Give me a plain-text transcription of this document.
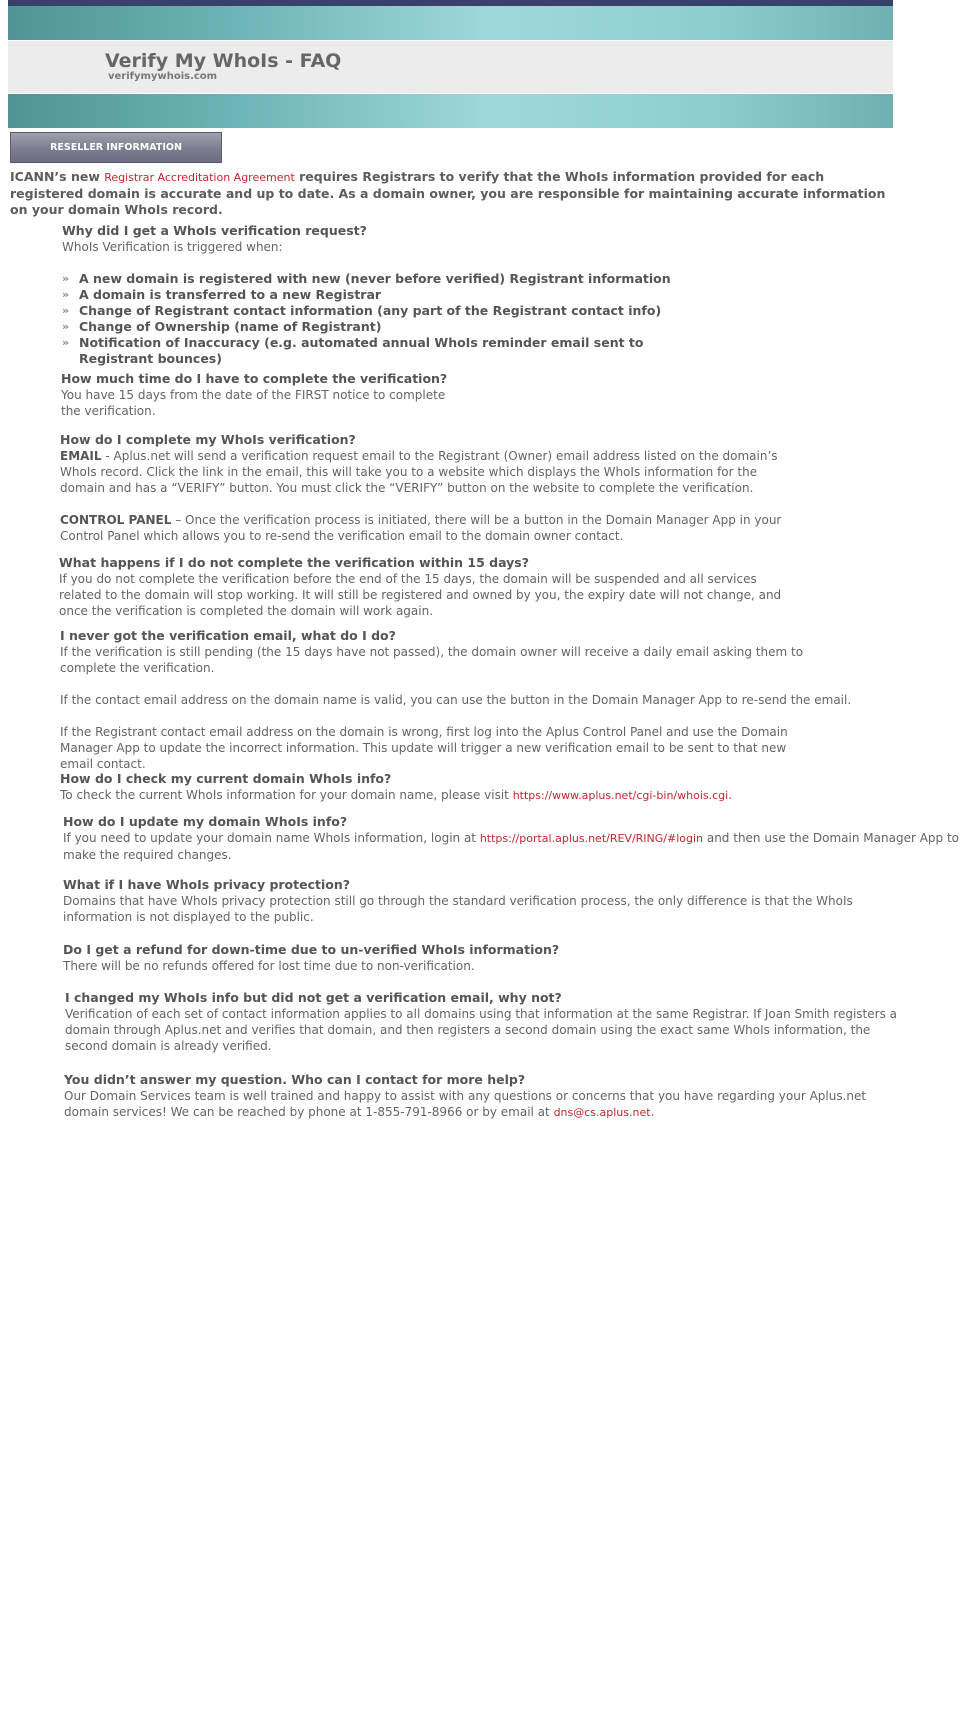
Verify My WhoIs - FAQ
verifymywhois.com
RESELLER INFORMATION
ICANN’s new Registrar Accreditation Agreement requires Registrars to verify that the WhoIs information provided for each registered domain is accurate and up to date. As a domain owner, you are responsible for maintaining accurate information on your domain WhoIs record.
Why did I get a WhoIs verification request?
WhoIs Verification is triggered when:
» A new domain is registered with new (never before verified) Registrant information
» A domain is transferred to a new Registrar
» Change of Registrant contact information (any part of the Registrant contact info)
» Change of Ownership (name of Registrant)
» Notification of Inaccuracy (e.g. automated annual WhoIs reminder email sent to Registrant bounces)
How much time do I have to complete the verification?
You have 15 days from the date of the FIRST notice to complete the verification.
How do I complete my WhoIs verification?
EMAIL - Aplus.net will send a verification request email to the Registrant (Owner) email address listed on the domain’s WhoIs record. Click the link in the email, this will take you to a website which displays the WhoIs information for the domain and has a “VERIFY” button. You must click the “VERIFY” button on the website to complete the verification.
CONTROL PANEL – Once the verification process is initiated, there will be a button in the Domain Manager App in your Control Panel which allows you to re-send the verification email to the domain owner contact.
What happens if I do not complete the verification within 15 days?
If you do not complete the verification before the end of the 15 days, the domain will be suspended and all services related to the domain will stop working. It will still be registered and owned by you, the expiry date will not change, and once the verification is completed the domain will work again.
I never got the verification email, what do I do?
If the verification is still pending (the 15 days have not passed), the domain owner will receive a daily email asking them to complete the verification.
If the contact email address on the domain name is valid, you can use the button in the Domain Manager App to re-send the email.
If the Registrant contact email address on the domain is wrong, first log into the Aplus Control Panel and use the Domain Manager App to update the incorrect information. This update will trigger a new verification email to be sent to that new email contact.
How do I check my current domain WhoIs info?
To check the current WhoIs information for your domain name, please visit https://www.aplus.net/cgi-bin/whois.cgi.
How do I update my domain WhoIs info?
If you need to update your domain name WhoIs information, login at https://portal.aplus.net/REV/RING/#login and then use the Domain Manager App to make the required changes.
What if I have WhoIs privacy protection?
Domains that have WhoIs privacy protection still go through the standard verification process, the only difference is that the WhoIs information is not displayed to the public.
Do I get a refund for down-time due to un-verified WhoIs information?
There will be no refunds offered for lost time due to non-verification.
I changed my WhoIs info but did not get a verification email, why not?
Verification of each set of contact information applies to all domains using that information at the same Registrar. If Joan Smith registers a domain through Aplus.net and verifies that domain, and then registers a second domain using the exact same WhoIs information, the second domain is already verified.
You didn’t answer my question. Who can I contact for more help?
Our Domain Services team is well trained and happy to assist with any questions or concerns that you have regarding your Aplus.net domain services! We can be reached by phone at 1-855-791-8966 or by email at dns@cs.aplus.net.
